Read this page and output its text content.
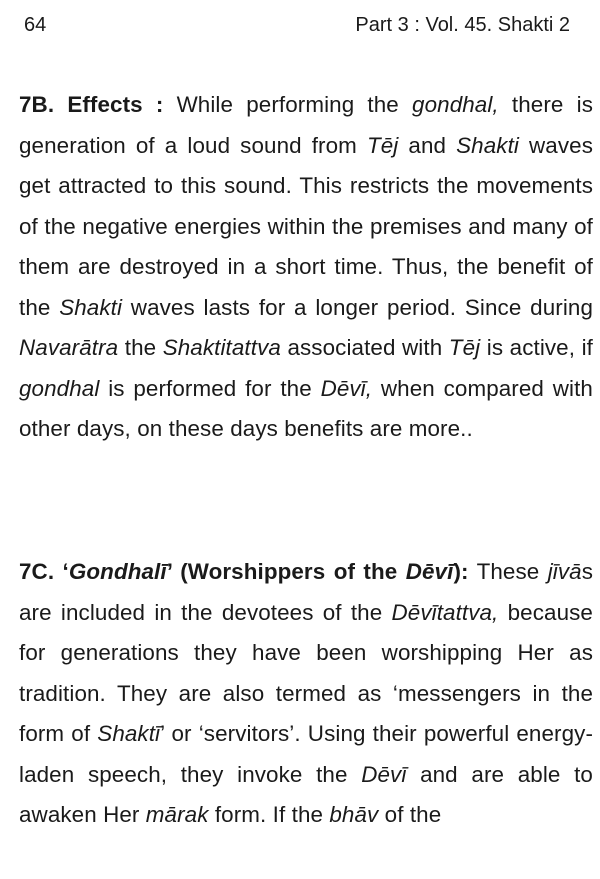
64	Part 3 : Vol. 45. Shakti 2
7B. Effects : While performing the gondhal, there is generation of a loud sound from Tēj and Shakti waves get attracted to this sound. This restricts the movements of the negative energies within the premises and many of them are destroyed in a short time. Thus, the benefit of the Shakti waves lasts for a longer period. Since during Navarātra the Shaktitattva associated with Tēj is active, if gondhal is performed for the Dēvī, when compared with other days, on these days benefits are more..
7C. ‘Gondhalī’ (Worshippers of the Dēvī): These jīvās are included in the devotees of the Dēvītattva, because for generations they have been worshipping Her as tradition. They are also termed as ‘messengers in the form of Shaktī’ or ‘servitors’. Using their powerful energy-laden speech, they invoke the Dēvī and are able to awaken Her mārak form. If the bhāv of the
